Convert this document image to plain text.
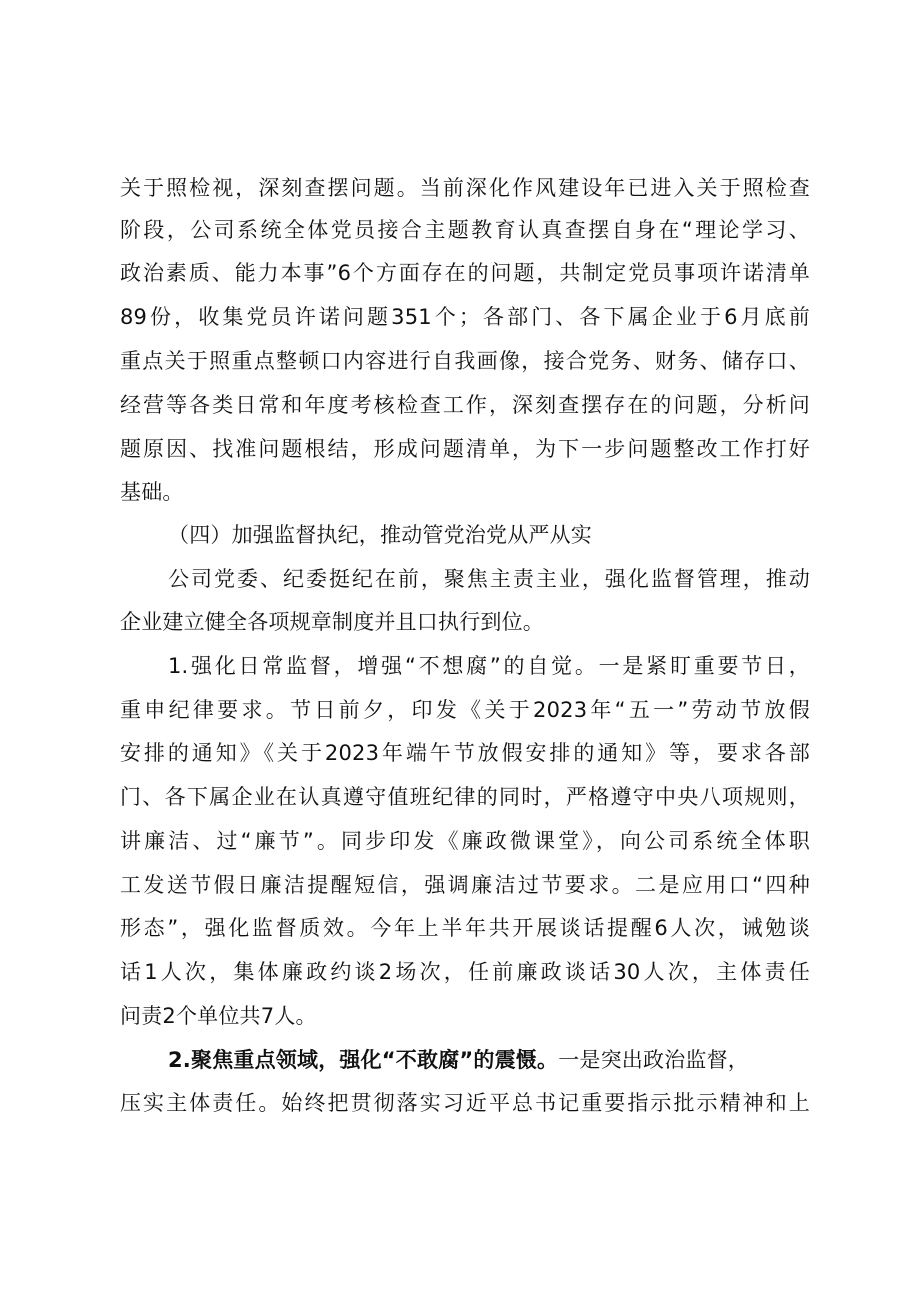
关于照检视，深刻查摆问题。当前深化作风建设年已进入关于照检查
阶段，公司系统全体党员接合主题教育认真查摆自身在“理论学习、
政治素质、能力本事”6个方面存在的问题，共制定党员事项许诺清单
89份，收集党员许诺问题351个；各部门、各下属企业于6月底前
重点关于照重点整顿口内容进行自我画像，接合党务、财务、储存口、
经营等各类日常和年度考核检查工作，深刻查摆存在的问题，分析问
题原因、找准问题根结，形成问题清单，为下一步问题整改工作打好
基础。
（四）加强监督执纪，推动管党治党从严从实
公司党委、纪委挺纪在前，聚焦主责主业，强化监督管理，推动
企业建立健全各项规章制度并且口执行到位。
1.强化日常监督，增强“不想腐”的自觉。一是紧盯重要节日，
重申纪律要求。节日前夕，印发《关于2023年“五一”劳动节放假
安排的通知》《关于2023年端午节放假安排的通知》等，要求各部
门、各下属企业在认真遵守值班纪律的同时，严格遵守中央八项规则，
讲廉洁、过“廉节”。同步印发《廉政微课堂》，向公司系统全体职
工发送节假日廉洁提醒短信，强调廉洁过节要求。二是应用口“四种
形态”，强化监督质效。今年上半年共开展谈话提醒6人次，诫勉谈
话1人次，集体廉政约谈2场次，任前廉政谈话30人次，主体责任
问责2个单位共7人。
2.聚焦重点领域，强化“不敢腐”的震慑。一是突出政治监督，
压实主体责任。始终把贯彻落实习近平总书记重要指示批示精神和上
